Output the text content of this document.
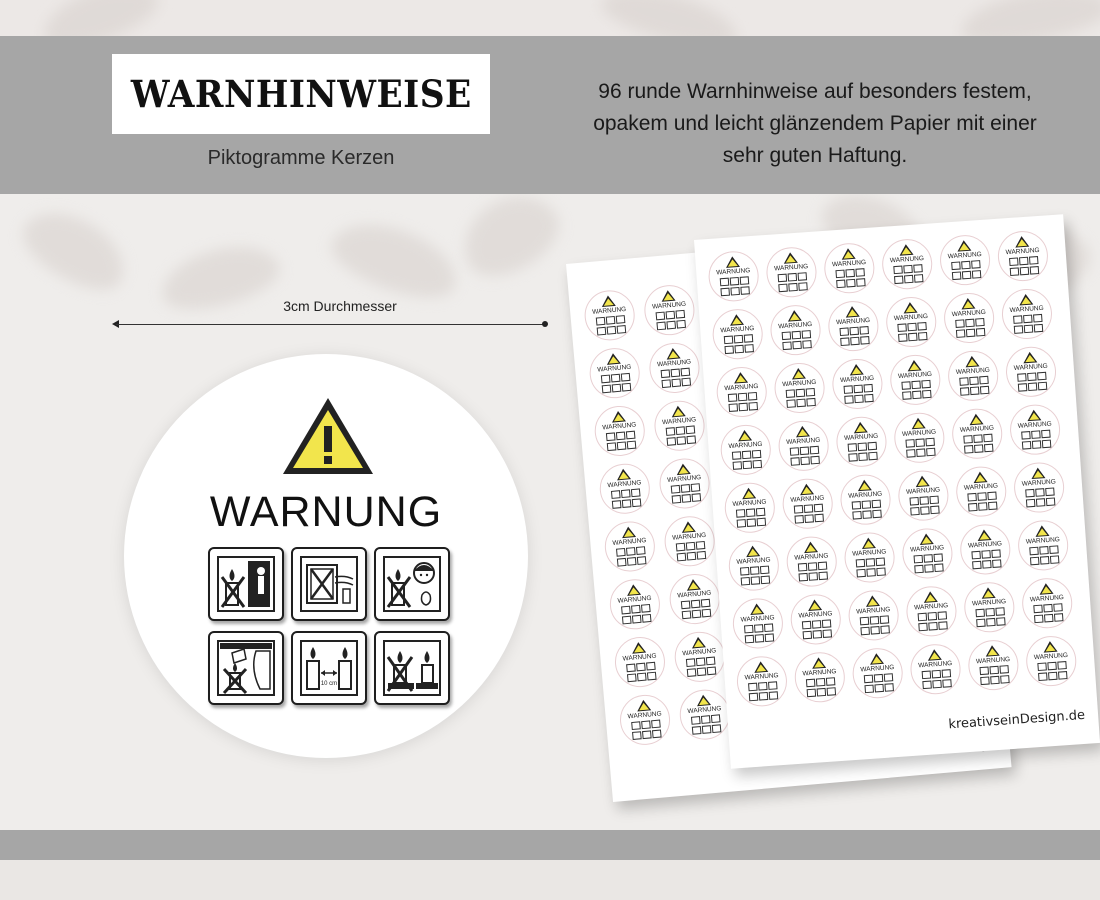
WARNHINWEISE
Piktogramme Kerzen
96 runde Warnhinweise auf besonders festem, opakem und leicht glänzendem Papier mit einer sehr guten Haftung.
3cm Durchmesser
WARNUNG
10 cm
WARNUNG
WARNUNG
WARNUNG
WARNUNG
WARNUNG
WARNUNG
WARNUNG
WARNUNG
WARNUNG
WARNUNG
WARNUNG
WARNUNG
WARNUNG
WARNUNG
WARNUNG
WARNUNG
WARNUNG	WARNUNG	WARNUNG	WARNUNG	WARNUNG	WARNUNG
WARNUNG	WARNUNG	WARNUNG	WARNUNG	WARNUNG	WARNUNG
WARNUNG	WARNUNG	WARNUNG	WARNUNG	WARNUNG	WARNUNG
WARNUNG	WARNUNG	WARNUNG	WARNUNG	WARNUNG	WARNUNG
WARNUNG	WARNUNG	WARNUNG	WARNUNG	WARNUNG	WARNUNG
WARNUNG	WARNUNG	WARNUNG	WARNUNG	WARNUNG	WARNUNG
WARNUNG	WARNUNG	WARNUNG	WARNUNG	WARNUNG	WARNUNG
WARNUNG	WARNUNG	WARNUNG	WARNUNG	WARNUNG	WARNUNG
kreativseinDesign.de
